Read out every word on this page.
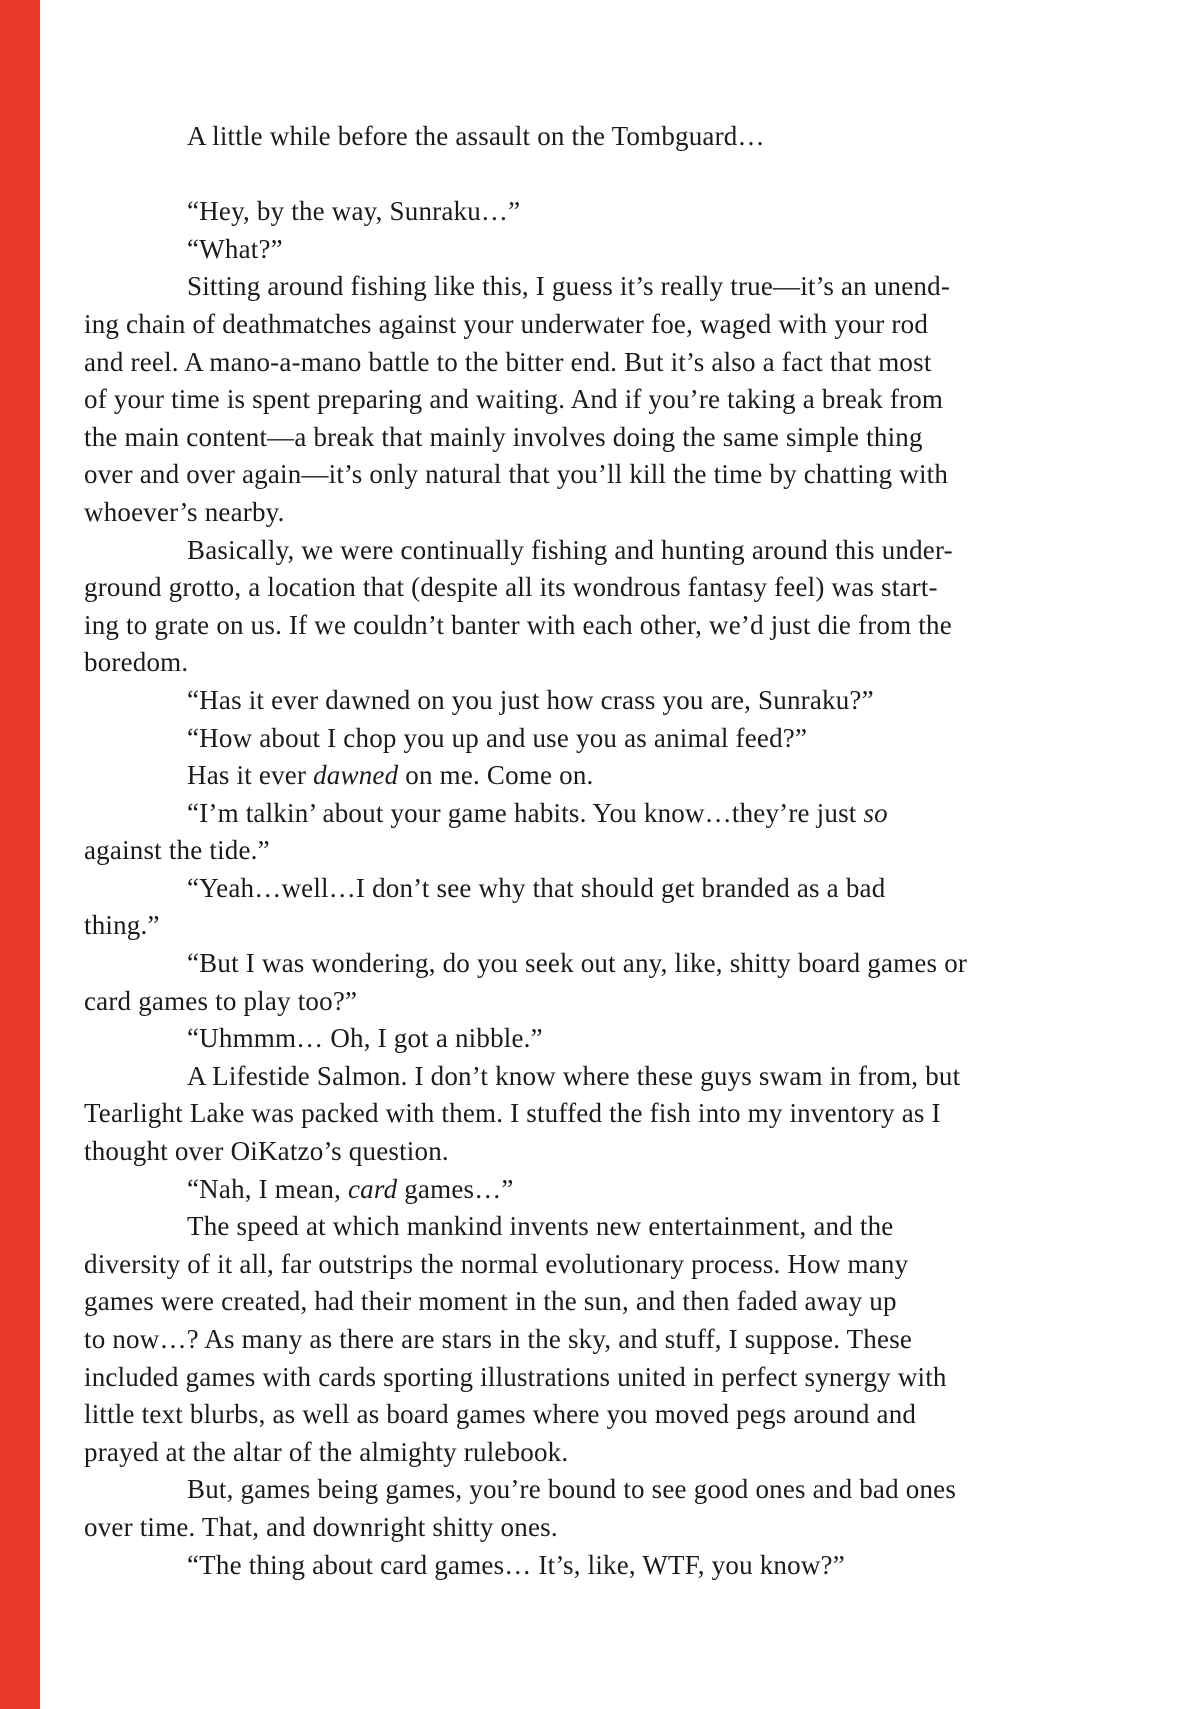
A little while before the assault on the Tombguard…
“Hey, by the way, Sunraku…”
“What?”
Sitting around fishing like this, I guess it’s really true—it’s an unend-
ing chain of deathmatches against your underwater foe, waged with your rod
and reel. A mano-a-mano battle to the bitter end. But it’s also a fact that most
of your time is spent preparing and waiting. And if you’re taking a break from
the main content—a break that mainly involves doing the same simple thing
over and over again—it’s only natural that you’ll kill the time by chatting with
whoever’s nearby.
Basically, we were continually fishing and hunting around this under-
ground grotto, a location that (despite all its wondrous fantasy feel) was start-
ing to grate on us. If we couldn’t banter with each other, we’d just die from the
boredom.
“Has it ever dawned on you just how crass you are, Sunraku?”
“How about I chop you up and use you as animal feed?”
Has it ever dawned on me. Come on.
“I’m talkin’ about your game habits. You know…they’re just so
against the tide.”
“Yeah…well…I don’t see why that should get branded as a bad
thing.”
“But I was wondering, do you seek out any, like, shitty board games or
card games to play too?”
“Uhmmm… Oh, I got a nibble.”
A Lifestide Salmon. I don’t know where these guys swam in from, but
Tearlight Lake was packed with them. I stuffed the fish into my inventory as I
thought over OiKatzo’s question.
“Nah, I mean, card games…”
The speed at which mankind invents new entertainment, and the
diversity of it all, far outstrips the normal evolutionary process. How many
games were created, had their moment in the sun, and then faded away up
to now…? As many as there are stars in the sky, and stuff, I suppose. These
included games with cards sporting illustrations united in perfect synergy with
little text blurbs, as well as board games where you moved pegs around and
prayed at the altar of the almighty rulebook.
But, games being games, you’re bound to see good ones and bad ones
over time. That, and downright shitty ones.
“The thing about card games… It’s, like, WTF, you know?”
